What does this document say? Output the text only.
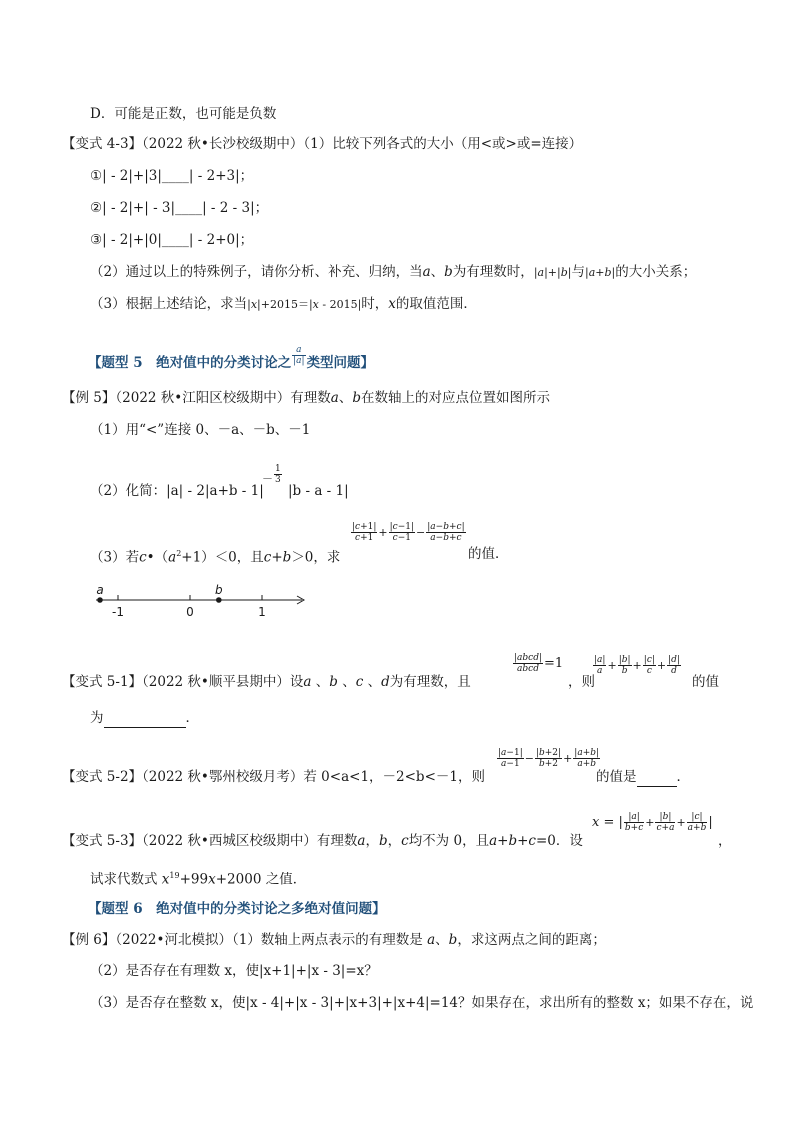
D．可能是正数，也可能是负数
【变式 4-3】（2022 秋•长沙校级期中）（1）比较下列各式的大小（用<或>或=连接）
①| - 2|+|3|____| - 2+3|；
②| - 2|+| - 3|____| - 2 - 3|；
③| - 2|+|0|____| - 2+0|；
（2）通过以上的特殊例子，请你分析、补充、归纳，当a、b为有理数时，|a|+|b|与|a+b|的大小关系；
（3）根据上述结论，求当|x|+2015＝|x - 2015|时，x的取值范围．
【题型 5　绝对值中的分类讨论之 $\frac{a}{|a|}$ 类型问题】
【例 5】（2022 秋•江阳区校级期中）有理数a、b在数轴上的对应点位置如图所示
（1）用“<”连接 0、－a、－b、－1
（2）化简：|a| - 2|a+b - 1|
－ $\frac{1}{3}$
|b - a - 1|
（3）若$c•(a^2+1)<0$，且c+b＞0，求
$\frac{|c+1|}{c+1} + \frac{|c-1|}{c-1} - \frac{|a-b+c|}{a-b+c}$
的值．
-1	0	1
a	b
【变式 5-1】（2022 秋•顺平县期中）设a 、b 、c 、d为有理数，且
$\frac{\text{|abcd|}}{\text{abcd}} =1$
，则
$\frac{|a|}{a} + \frac{|b|}{b} + \frac{|c|}{c} + \frac{|d|}{d}$
的值
为	．
【变式 5-2】（2022 秋•鄂州校级月考）若 0<a<1，－2<b<－1，则
$\frac{|a-1|}{a-1} - \frac{|b+2|}{b+2} + \frac{|a+b|}{a+b}$
的值是	．
【变式 5-3】（2022 秋•西城区校级期中）有理数a，b，c均不为 0，且a+b+c=0．设
x = | $\frac{|a|}{b+c} + \frac{|b|}{c+a} + \frac{|c|}{a+b}$ |
，
试求代数式 $x^{19}+99x+2000$ 之值．
【题型 6　绝对值中的分类讨论之多绝对值问题】
【例 6】（2022•河北模拟）（1）数轴上两点表示的有理数是 a、b，求这两点之间的距离；
（2）是否存在有理数 x，使|x+1|+|x - 3|=x？
（3）是否存在整数 x，使|x - 4|+|x - 3|+|x+3|+|x+4|=14？如果存在，求出所有的整数 x；如果不存在，说
